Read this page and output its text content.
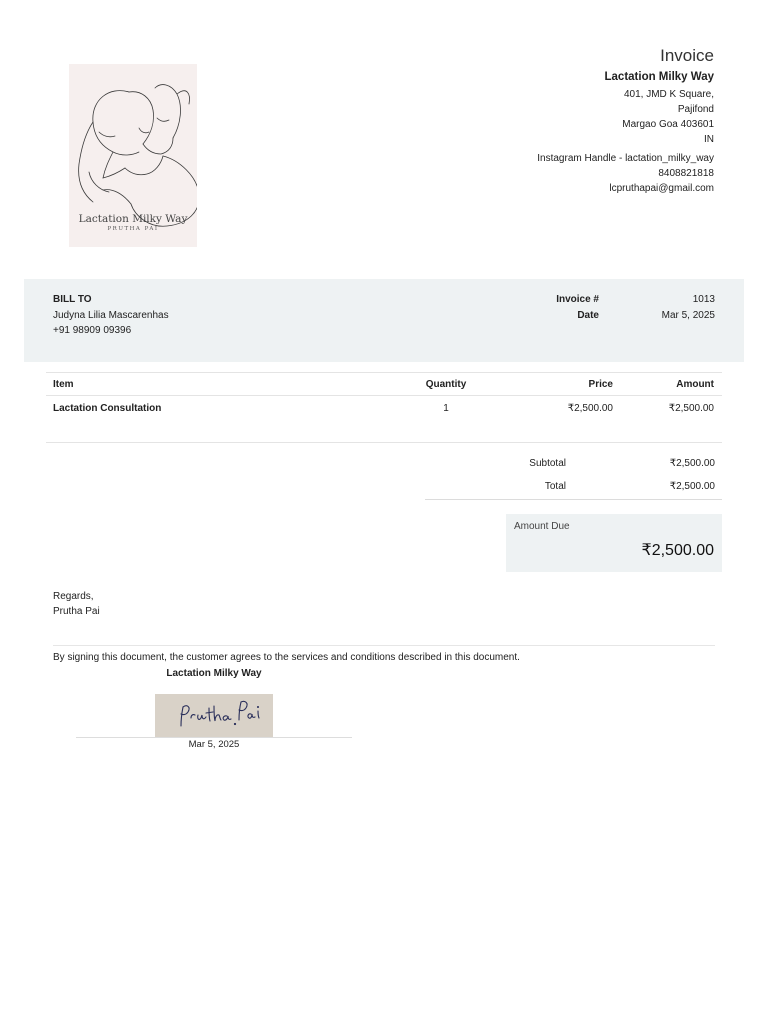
Lactation Milky Way
PRUTHA PAI
Invoice
Lactation Milky Way
401, JMD K Square,
Pajifond
Margao Goa 403601
IN
Instagram Handle - lactation_milky_way
8408821818
lcpruthapai@gmail.com
BILL TO
Judyna Lilia Mascarenhas
+91 98909 09396
Invoice #	1013
Date	Mar 5, 2025
Item	Quantity	Price	Amount
Lactation Consultation	1	₹2,500.00	₹2,500.00
Subtotal	₹2,500.00
Total	₹2,500.00
Amount Due
₹2,500.00
Regards,
Prutha Pai
By signing this document, the customer agrees to the services and conditions described in this document.
Lactation Milky Way
Mar 5, 2025
